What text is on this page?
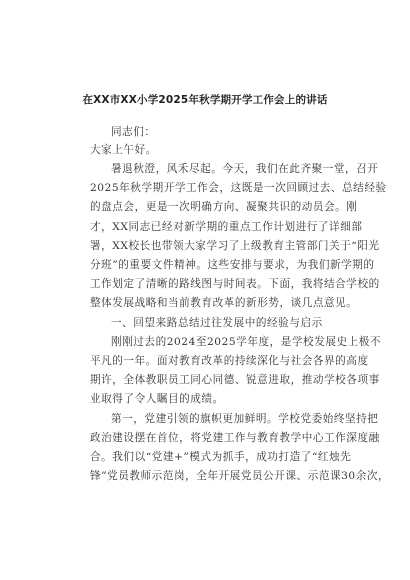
在XX市XX小学2025年秋学期开学工作会上的讲话
同志们：
大家上午好。
暑退秋澄，风禾尽起。今天，我们在此齐聚一堂，召开
2025年秋学期开学工作会，这既是一次回顾过去、总结经验
的盘点会，更是一次明确方向、凝聚共识的动员会。刚
才，XX同志已经对新学期的重点工作计划进行了详细部
署，XX校长也带领大家学习了上级教育主管部门关于“阳光
分班”的重要文件精神。这些安排与要求，为我们新学期的
工作划定了清晰的路线图与时间表。下面，我将结合学校的
整体发展战略和当前教育改革的新形势，谈几点意见。
一、回望来路总结过往发展中的经验与启示
刚刚过去的2024至2025学年度，是学校发展史上极不
平凡的一年。面对教育改革的持续深化与社会各界的高度
期许，全体教职员工同心同德、锐意进取，推动学校各项事
业取得了令人瞩目的成绩。
第一，党建引领的旗帜更加鲜明。学校党委始终坚持把
政治建设摆在首位，将党建工作与教育教学中心工作深度融
合。我们以“党建+”模式为抓手，成功打造了“红烛先
锋”党员教师示范岗，全年开展党员公开课、示范课30余次，
